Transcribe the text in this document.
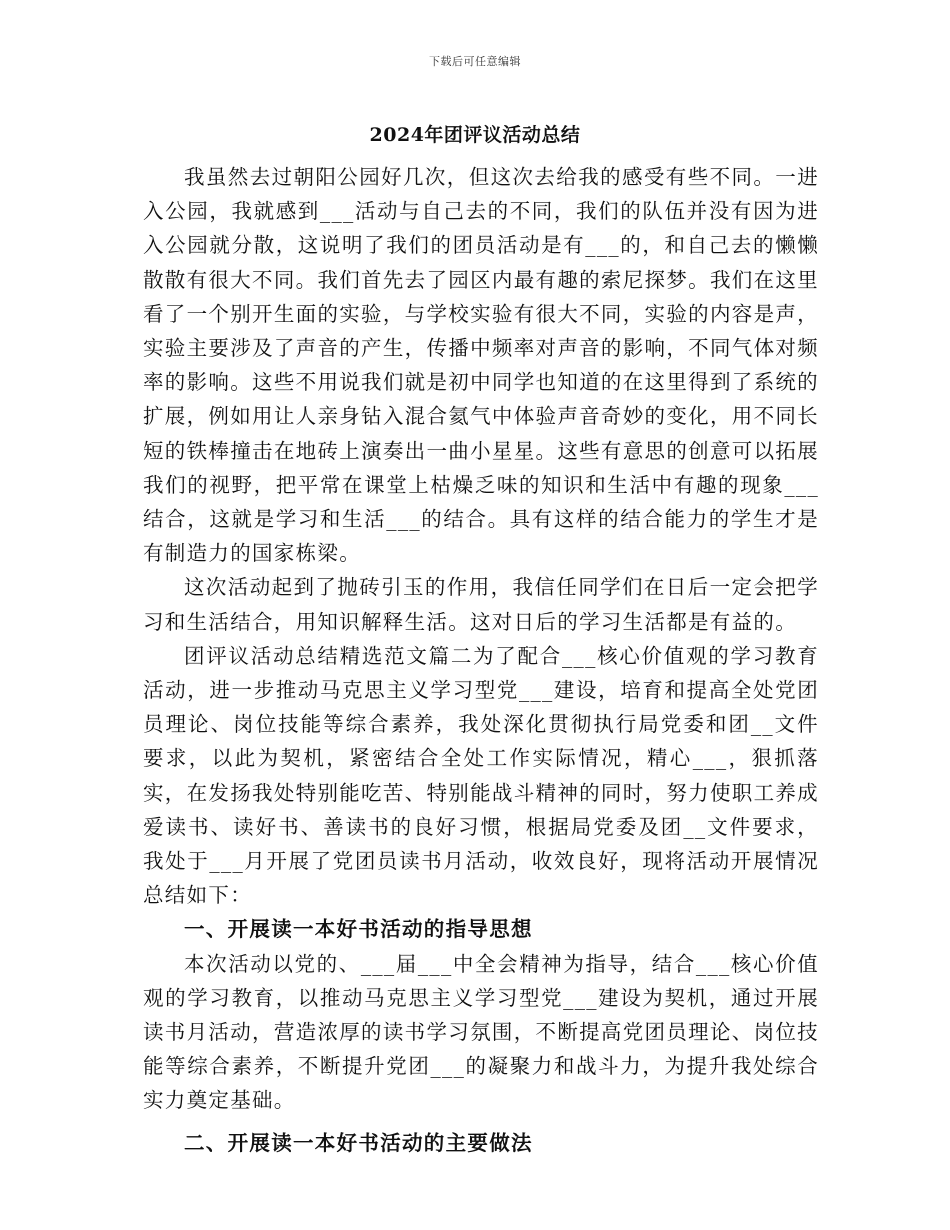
下载后可任意编辑
2024年团评议活动总结

我虽然去过朝阳公园好几次，但这次去给我的感受有些不同。一进入公园，我就感到___活动与自己去的不同，我们的队伍并没有因为进入公园就分散，这说明了我们的团员活动是有___的，和自己去的懒懒散散有很大不同。我们首先去了园区内最有趣的索尼探梦。我们在这里看了一个别开生面的实验，与学校实验有很大不同，实验的内容是声，实验主要涉及了声音的产生，传播中频率对声音的影响，不同气体对频率的影响。这些不用说我们就是初中同学也知道的在这里得到了系统的扩展，例如用让人亲身钻入混合氦气中体验声音奇妙的变化，用不同长短的铁棒撞击在地砖上演奏出一曲小星星。这些有意思的创意可以拓展我们的视野，把平常在课堂上枯燥乏味的知识和生活中有趣的现象___结合，这就是学习和生活___的结合。具有这样的结合能力的学生才是有制造力的国家栋梁。

这次活动起到了抛砖引玉的作用，我信任同学们在日后一定会把学习和生活结合，用知识解释生活。这对日后的学习生活都是有益的。

团评议活动总结精选范文篇二为了配合___核心价值观的学习教育活动，进一步推动马克思主义学习型党___建设，培育和提高全处党团员理论、岗位技能等综合素养，我处深化贯彻执行局党委和团__文件要求，以此为契机，紧密结合全处工作实际情况，精心___，狠抓落实，在发扬我处特别能吃苦、特别能战斗精神的同时，努力使职工养成爱读书、读好书、善读书的良好习惯，根据局党委及团__文件要求，我处于___月开展了党团员读书月活动，收效良好，现将活动开展情况总结如下：

一、开展读一本好书活动的指导思想

本次活动以党的、___届___中全会精神为指导，结合___核心价值观的学习教育，以推动马克思主义学习型党___建设为契机，通过开展读书月活动，营造浓厚的读书学习氛围，不断提高党团员理论、岗位技能等综合素养，不断提升党团___的凝聚力和战斗力，为提升我处综合实力奠定基础。

二、开展读一本好书活动的主要做法
